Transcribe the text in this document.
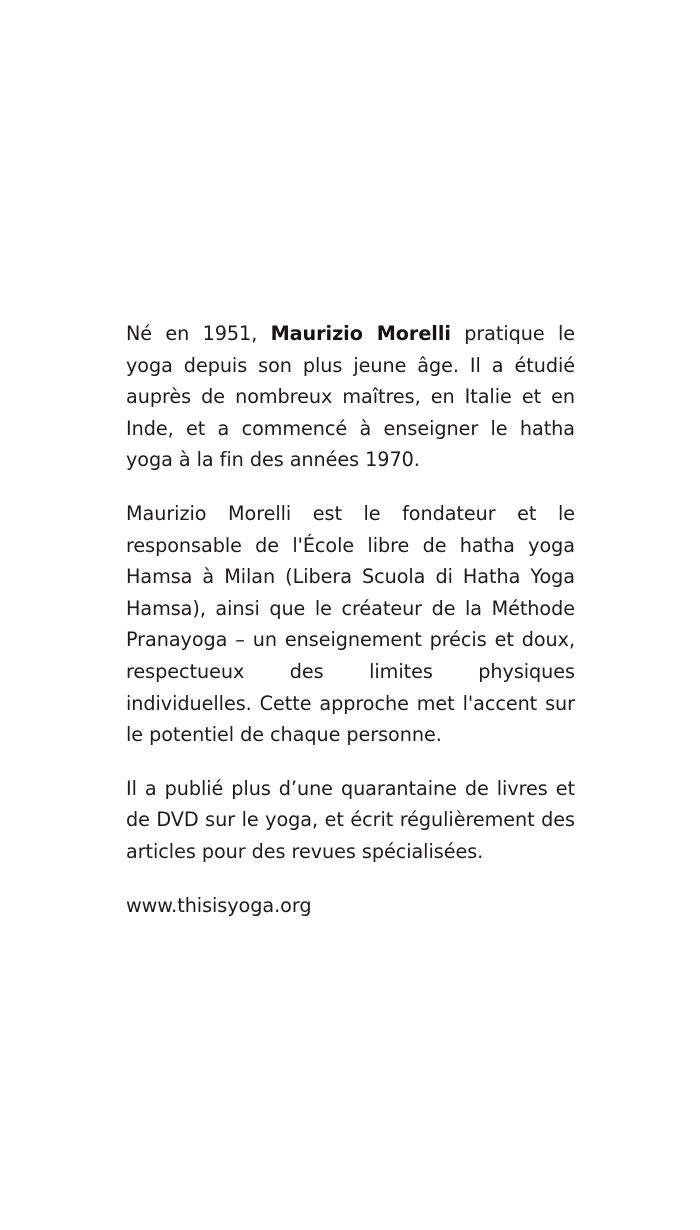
Né en 1951, Maurizio Morelli pratique le yoga depuis son plus jeune âge. Il a étudié auprès de nombreux maîtres, en Italie et en Inde, et a commencé à enseigner le hatha yoga à la fin des années 1970.

Maurizio Morelli est le fondateur et le responsable de l'École libre de hatha yoga Hamsa à Milan (Libera Scuola di Hatha Yoga Hamsa), ainsi que le créateur de la Méthode Pranayoga – un enseignement précis et doux, respectueux des limites physiques individuelles. Cette approche met l'accent sur le potentiel de chaque personne.

Il a publié plus d’une quarantaine de livres et de DVD sur le yoga, et écrit régulièrement des articles pour des revues spécialisées.

www.thisisyoga.org
